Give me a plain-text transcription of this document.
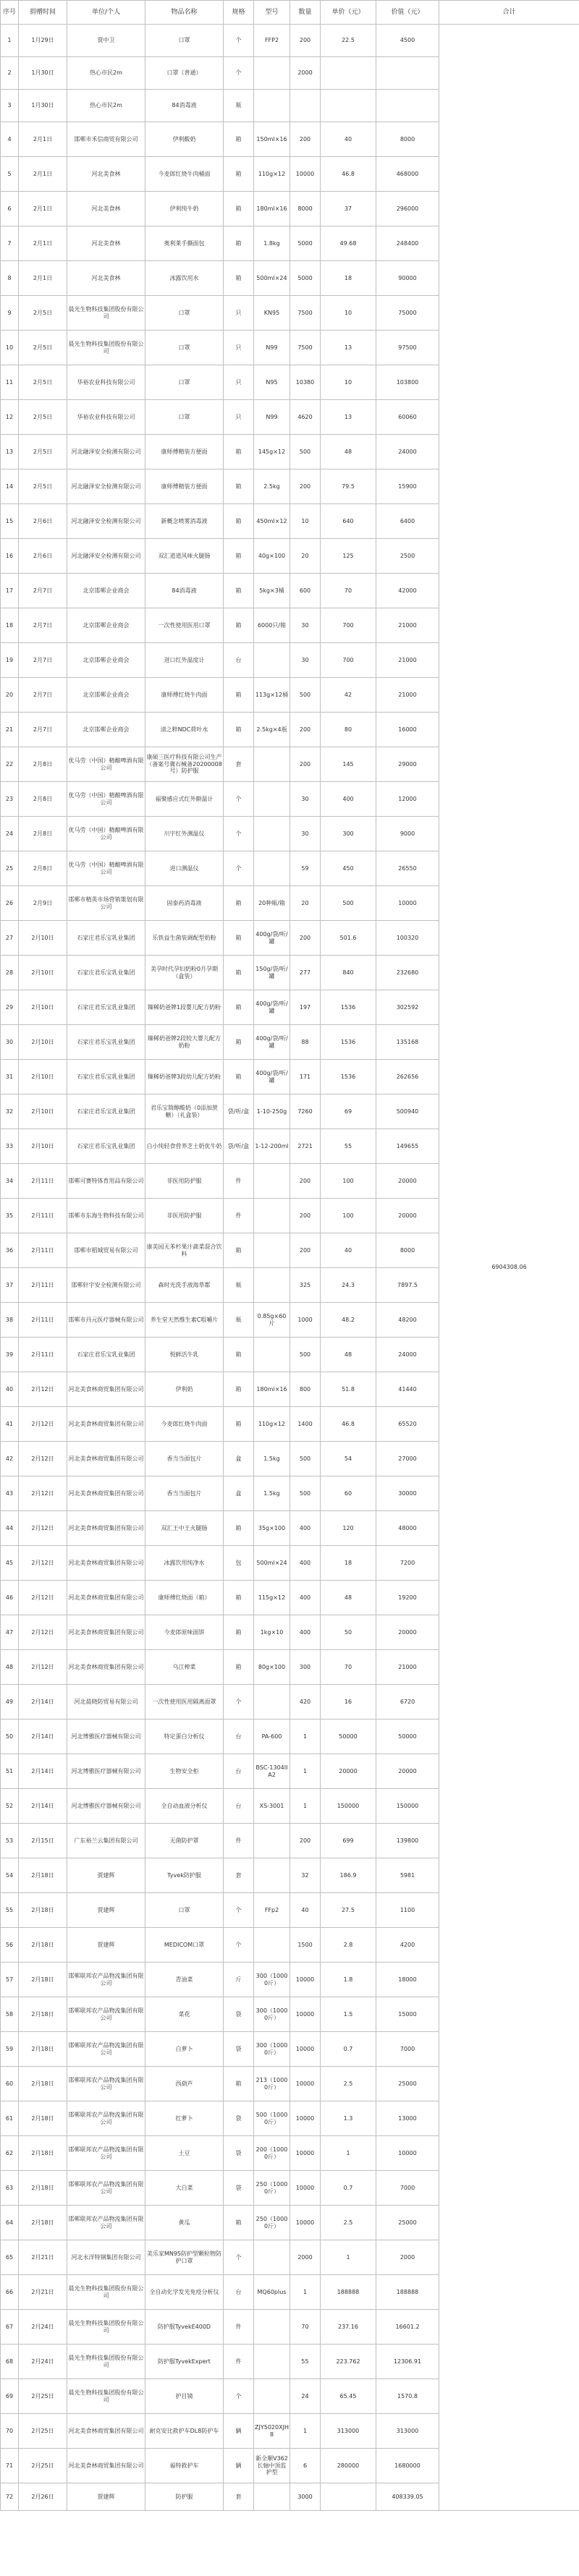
序号	捐赠时间	单位/个人	物品名称	规格	型号	数量	单价（元）	价值（元）	合计
1	1月29日	贾中卫	口罩	个	FFP2	200	22.5	4500	6904308.06
2	1月30日	热心市民2m	口罩（普通）	个		2000			
3	1月30日	热心市民2m	84消毒液	瓶					
4	2月1日	邯郸市禾信商贸有限公司	伊利酸奶	箱	150ml×16	200	40	8000	
5	2月1日	河北美食林	今麦郎红烧牛肉桶面	箱	110g×12	10000	46.8	468000	
6	2月1日	河北美食林	伊利纯牛奶	箱	180ml×16	8000	37	296000	
7	2月1日	河北美食林	奥利莱手撕面包	箱	1.8kg	5000	49.68	248400	
8	2月1日	河北美食林	冰露饮用水	箱	500ml×24	5000	18	90000	
9	2月5日	晨光生物科技集团股份有限公司	口罩	只	KN95	7500	10	75000	
10	2月5日	晨光生物科技集团股份有限公司	口罩	只	N99	7500	13	97500	
11	2月5日	华裕农业科技有限公司	口罩	只	N95	10380	10	103800	
12	2月5日	华裕农业科技有限公司	口罩	只	N99	4620	13	60060	
13	2月5日	河北融泽安全检测有限公司	康师傅精装方便面	箱	145g×12	500	48	24000	
14	2月5日	河北融泽安全检测有限公司	康师傅精装方便面	箱	2.5kg	200	79.5	15900	
15	2月6日	河北融泽安全检测有限公司	新概念喷雾消毒液	箱	450ml×12	10	640	6400	
16	2月6日	河北融泽安全检测有限公司	双汇道道风味火腿肠	箱	40g×100	20	125	2500	
17	2月7日	北京邯郸企业商会	84消毒液	箱	5kg×3桶	600	70	42000	
18	2月7日	北京邯郸企业商会	一次性使用医用口罩	箱	6000只/箱	30	700	21000	
19	2月7日	北京邯郸企业商会	进口红外温度计	台		30	700	21000	
20	2月7日	北京邯郸企业商会	康师傅红烧牛肉面	箱	113g×12桶	500	42	21000	
21	2月7日	北京邯郸企业商会	清之粹NDC荷叶水	箱	2.5kg×4瓶	200	80	16000	
22	2月8日	优马劳（中国）精酿啤酒有限公司	康硕三医疗科技有限公司生产（备案号冀石械备20200008号）防护服	套		200	145	29000	
23	2月8日	优马劳（中国）精酿啤酒有限公司	福聚感应式红外额温计	个		30	400	12000	
24	2月8日	优马劳（中国）精酿啤酒有限公司	川宇红外测温仪	个		30	300	9000	
25	2月8日	优马劳（中国）精酿啤酒有限公司	进口测温仪	个		59	450	26550	
26	2月9日	邯郸市精英市场营销策划有限公司	固泰药消毒液	箱	20种瓶/箱	20	500	10000	
27	2月10日	石家庄君乐宝乳业集团	乐铁益生菌装调配型奶粉	箱	400g/袋/听/罐	200	501.6	100320	
28	2月10日	石家庄君乐宝乳业集团	美孕时代孕妇奶粉0月孕期（盒装）	箱	150g/袋/听/罐	277	840	232680	
29	2月10日	石家庄君乐宝乳业集团	臻稀奶爸牌1段婴儿配方奶粉	箱	400g/袋/听/罐	197	1536	302592	
30	2月10日	石家庄君乐宝乳业集团	臻稀奶爸牌2段较大婴儿配方奶粉	箱	400g/袋/听/罐	88	1536	135168	
31	2月10日	石家庄君乐宝乳业集团	臻稀奶爸牌3段幼儿配方奶粉	箱	400g/袋/听/罐	171	1536	262656	
32	2月10日	石家庄君乐宝乳业集团	君乐宝简醇酸奶（0添加蔗糖）（礼盒装）	袋/听/盒	1-10-250g	7260	69	500940	
33	2月10日	石家庄君乐宝乳业集团	白小纯轻食营养芝士奶优牛奶	袋/听/盒	1-12-200ml	2721	55	149655	
34	2月11日	邯郸可赛特体育用品有限公司	非医用防护服	件		200	100	20000	
35	2月11日	邯郸市东海生物科技有限公司	非医用防护服	件		200	100	20000	
36	2月11日	邯郸市稻城贸易有限公司	康美园无苯杉果汁蔬菜混合饮料	箱		200	40	8000	
37	2月11日	邯郸轩宇安全检测有限公司	森时光洗手液海草都	瓶		325	24.3	7897.5	
38	2月11日	邯郸市丹元医疗器械有限公司	养生堂天然维生素C咀嚼片	瓶	0.85g×60片	1000	48.2	48200	
39	2月11日	石家庄君乐宝乳业集团	悦鲜活牛乳	箱		500	48	24000	
40	2月12日	河北美食林商贸集团有限公司	伊利奶	箱	180ml×16	800	51.8	41440	
41	2月12日	河北美食林商贸集团有限公司	今麦郎红烧牛肉面	箱	110g×12	1400	46.8	65520	
42	2月12日	河北美食林商贸集团有限公司	香当当面包片	盒	1.5kg	500	54	27000	
43	2月12日	河北美食林商贸集团有限公司	香当当面包片	盒	1.5kg	500	60	30000	
44	2月12日	河北美食林商贸集团有限公司	双汇王中王火腿肠	箱	35g×100	400	120	48000	
45	2月12日	河北美食林商贸集团有限公司	冰露饮用纯净水	包	500ml×24	400	18	7200	
46	2月12日	河北美食林商贸集团有限公司	康师傅红烧面（箱）	箱	115g×12	400	48	19200	
47	2月12日	河北美食林商贸集团有限公司	今麦郎原味面饼	箱	1kg×10	400	50	20000	
48	2月12日	河北美食林商贸集团有限公司	乌江榨菜	箱	80g×100	300	70	21000	
49	2月14日	河北晨晓防贸易有限公司	一次性使用医用隔离面罩	个		420	16	6720	
50	2月14日	河北博雅医疗器械有限公司	特定蛋白分析仪	台	PA-600	1	50000	50000	
51	2月14日	河北博雅医疗器械有限公司	生物安全柜	台	BSC-1304IIA2	1	20000	20000	
52	2月14日	河北博雅医疗器械有限公司	全自动血液分析仪	台	XS-3001	1	150000	150000	
53	2月15日	广东裕兰云集团有限公司	无菌防护罩	件		200	699	139800	
54	2月18日	贾建辉	Tyvek防护服	套		32	186.9	5981	
55	2月18日	贾建辉	口罩	个	FFp2	40	27.5	1100	
56	2月18日	贾建辉	MEDICOM口罩	个		1500	2.8	4200	
57	2月18日	邯郸联邦农产品物流集团有限公司	青油菜	斤	300（10000斤）	10000	1.8	18000	
58	2月18日	邯郸联邦农产品物流集团有限公司	菜花	袋	300（10000斤）	10000	1.5	15000	
59	2月18日	邯郸联邦农产品物流集团有限公司	白萝卜	袋	300（10000斤）	10000	0.7	7000	
60	2月18日	邯郸联邦农产品物流集团有限公司	西葫芦	箱	213（10000斤）	10000	2.5	25000	
61	2月18日	邯郸联邦农产品物流集团有限公司	红萝卜	袋	500（10000斤）	10000	1.3	13000	
62	2月18日	邯郸联邦农产品物流集团有限公司	土豆	袋	200（10000斤）	10000	1	10000	
63	2月18日	邯郸联邦农产品物流集团有限公司	大白菜	袋	250（10000斤）	10000	0.7	7000	
64	2月18日	邯郸联邦农产品物流集团有限公司	黄瓜	箱	250（10000斤）	10000	2.5	25000	
65	2月21日	河北永洋特钢集团有限公司	美乐家MN95防护型颗粒物防护口罩	个		2000	1	2000	
66	2月21日	晨光生物科技集团股份有限公司	全自动化学发光免疫分析仪	台	MQ60plus	1	188888	188888	
67	2月24日	晨光生物科技集团股份有限公司	防护服TyvekE400D	件		70	237.16	16601.2	
68	2月24日	晨光生物科技集团股份有限公司	防护服TyvekExpert	件		55	223.762	12306.91	
69	2月25日	晨光生物科技集团股份有限公司	护目镜	个		24	65.45	1570.8	
70	2月25日	河北美食林商贸集团有限公司	耐克安比救护车DL8防护车	辆	ZJY5020XJH8	1	313000	313000	
71	2月25日	河北美食林商贸集团有限公司	福特救护车	辆	新全顺V362长轴中顶监护型	6	280000	1680000	
72	2月26日	贾建辉	防护服	套		3000		408339.05	
